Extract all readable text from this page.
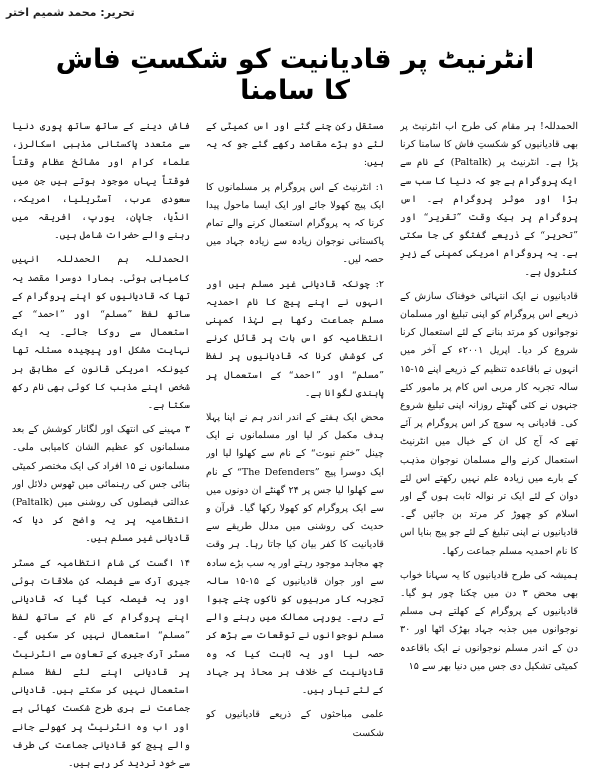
تحریر: محمد شمیم اختر
انٹرنیٹ پر قادیانیت کو شکستِ فاش کا سامنا

فاش دینے کے ساتھ ساتھ پوری دنیا سے متعدد پاکستانی مذہبی اسکالرز، علماء کرام اور مشائخ عظام وقتاً فوقتاً یہاں موجود ہوتے ہیں جن میں سعودی عرب، آسٹریلیا، امریکہ، انڈیا، جاپان، یورپ، افریقہ میں رہنے والے حضرات شامل ہیں۔

الحمدللہ ہم الحمدللہ انہیں کامیابی ہوئی۔ ہمارا دوسرا مقصد یہ تھا کہ قادیانیوں کو اپنے پروگرام کے ساتھ لفظ ”مسلم“ اور ”احمد“ کے استعمال سے روکا جائے۔ یہ ایک نہایت مشکل اور پیچیدہ مسئلہ تھا کیونکہ امریکی قانون کے مطابق ہر شخص اپنے مذہب کا کوئی بھی نام رکھ سکتا ہے۔

۳ مہینے کی انتھک اور لگاتار کوشش کے بعد مسلمانوں کو عظیم الشان کامیابی ملی۔ مسلمانوں نے ۱۵ افراد کی ایک مختصر کمیٹی بنائی جس کی رہنمائی میں ٹھوس دلائل اور عدالتی فیصلوں کی روشنی میں (Paltalk) انتظامیہ پر یہ واضح کر دیا کہ قادیانی غیر مسلم ہیں۔

۱۴ اگست کی شام انتظامیہ کے مسٹر جیری آرک سے فیصلہ کن ملاقات ہوئی اور یہ فیصلہ کیا گیا کہ قادیانی اپنے پروگرام کے نام کے ساتھ لفظ ”مسلم“ استعمال نہیں کر سکیں گے۔ مسٹر آرک جیری کے تعاون سے انٹرنیٹ پر قادیانی اپنے لئے لفظ مسلم استعمال نہیں کر سکتے ہیں۔ قادیانی جماعت نے بری طرح شکست کھائی ہے اور اب وہ انٹرنیٹ پر کھولے جانے والے پیج کو قادیانی جماعت کی طرف سے خود تردید کر رہے ہیں۔

مستقل رکن چنے گئے اور اس کمیٹی کے لئے دو بڑے مقاصد رکھے گئے جو کہ یہ ہیں:

۱: انٹرنیٹ کے اس پروگرام پر مسلمانوں کا ایک پیج کھولا جائے اور ایک ایسا ماحول پیدا کرنا کہ یہ پروگرام استعمال کرنے والے تمام پاکستانی نوجوان زیادہ سے زیادہ جہاد میں حصہ لیں۔

۲: چونکہ قادیانی غیر مسلم ہیں اور انہوں نے اپنے پیج کا نام احمدیہ مسلم جماعت رکھا ہے لہٰذا کمپنی انتظامیہ کو اس بات پر قائل کرنے کی کوشش کرنا کہ قادیانیوں پر لفظ ”مسلم“ اور ”احمد“ کے استعمال پر پابندی لگوانا ہے۔

محض ایک ہفتے کے اندر اندر ہم نے اپنا پہلا ہدف مکمل کر لیا اور مسلمانوں نے ایک چینل ”ختمِ نبوت“ کے نام سے کھلوا لیا اور ایک دوسرا پیج ”The Defenders“ کے نام سے کھلوا لیا جس پر ۲۴ گھنٹے ان دونوں میں سے ایک پروگرام کو کھولا رکھا گیا۔ قرآن و حدیث کی روشنی میں مدلل طریقے سے قادیانیت کا کفر بیان کیا جاتا رہا۔ ہر وقت چھ مجاہد موجود رہتے اور یہ سب بڑے سادہ سے اور جوان قادیانیوں کے ۱۵-۱۵ سالہ تجربہ کار مربیوں کو ناکوں چنے چبوا تے رہے۔ یورپی ممالک میں رہنے والے مسلم نوجوانوں نے توقعات سے بڑھ کر حصہ لیا اور یہ ثابت کیا کہ وہ قادیانیت کے خلاف ہر محاذ پر جہاد کے لئے تیار ہیں۔

علمی مباحثوں کے ذریعے قادیانیوں کو شکست

الحمدللہ! ہر مقام کی طرح اب انٹرنیٹ پر بھی قادیانیوں کو شکستِ فاش کا سامنا کرنا پڑا ہے۔ انٹرنیٹ پر (Paltalk) کے نام سے ایک پروگرام ہے جو کہ دنیا کا سب سے بڑا اور موثر پروگرام ہے۔ اس پروگرام پر بیک وقت ”تقریر“ اور ”تحریر“ کے ذریعے گفتگو کی جا سکتی ہے۔ یہ پروگرام امریکی کمپنی کے زیرِ کنٹرول ہے۔

قادیانیوں نے ایک انتہائی خوفناک سازش کے ذریعے اس پروگرام کو اپنی تبلیغ اور مسلمان نوجوانوں کو مرتد بنانے کے لئے استعمال کرنا شروع کر دیا۔ اپریل ۲۰۰۱ء کے آخر میں انہوں نے باقاعدہ تنظیم کے ذریعے اپنے ۱۵-۱۵ سالہ تجربہ کار مربی اس کام پر مامور کئے جنہوں نے کئی گھنٹے روزانہ اپنی تبلیغ شروع کی۔ قادیانی یہ سوچ کر اس پروگرام پر آئے تھے کہ آج کل ان کے خیال میں انٹرنیٹ استعمال کرنے والے مسلمان نوجوان مذہب کے بارے میں زیادہ علم نہیں رکھتے اس لئے دوان کے لئے ایک تر نوالہ ثابت ہوں گے اور اسلام کو چھوڑ کر مرتد بن جائیں گے۔ قادیانیوں نے اپنی تبلیغ کے لئے جو پیج بنایا اس کا نام احمدیہ مسلم جماعت رکھا۔

ہمیشہ کی طرح قادیانیوں کا یہ سہانا خواب بھی محض ۳ دن میں چکنا چور ہو گیا۔ قادیانیوں کے پروگرام کے کھلتے ہی مسلم نوجوانوں میں جذبہ جہاد بھڑک اٹھا اور ۳۰ دن کے اندر مسلم نوجوانوں نے ایک باقاعدہ کمیٹی تشکیل دی جس میں دنیا بھر سے ۱۵
